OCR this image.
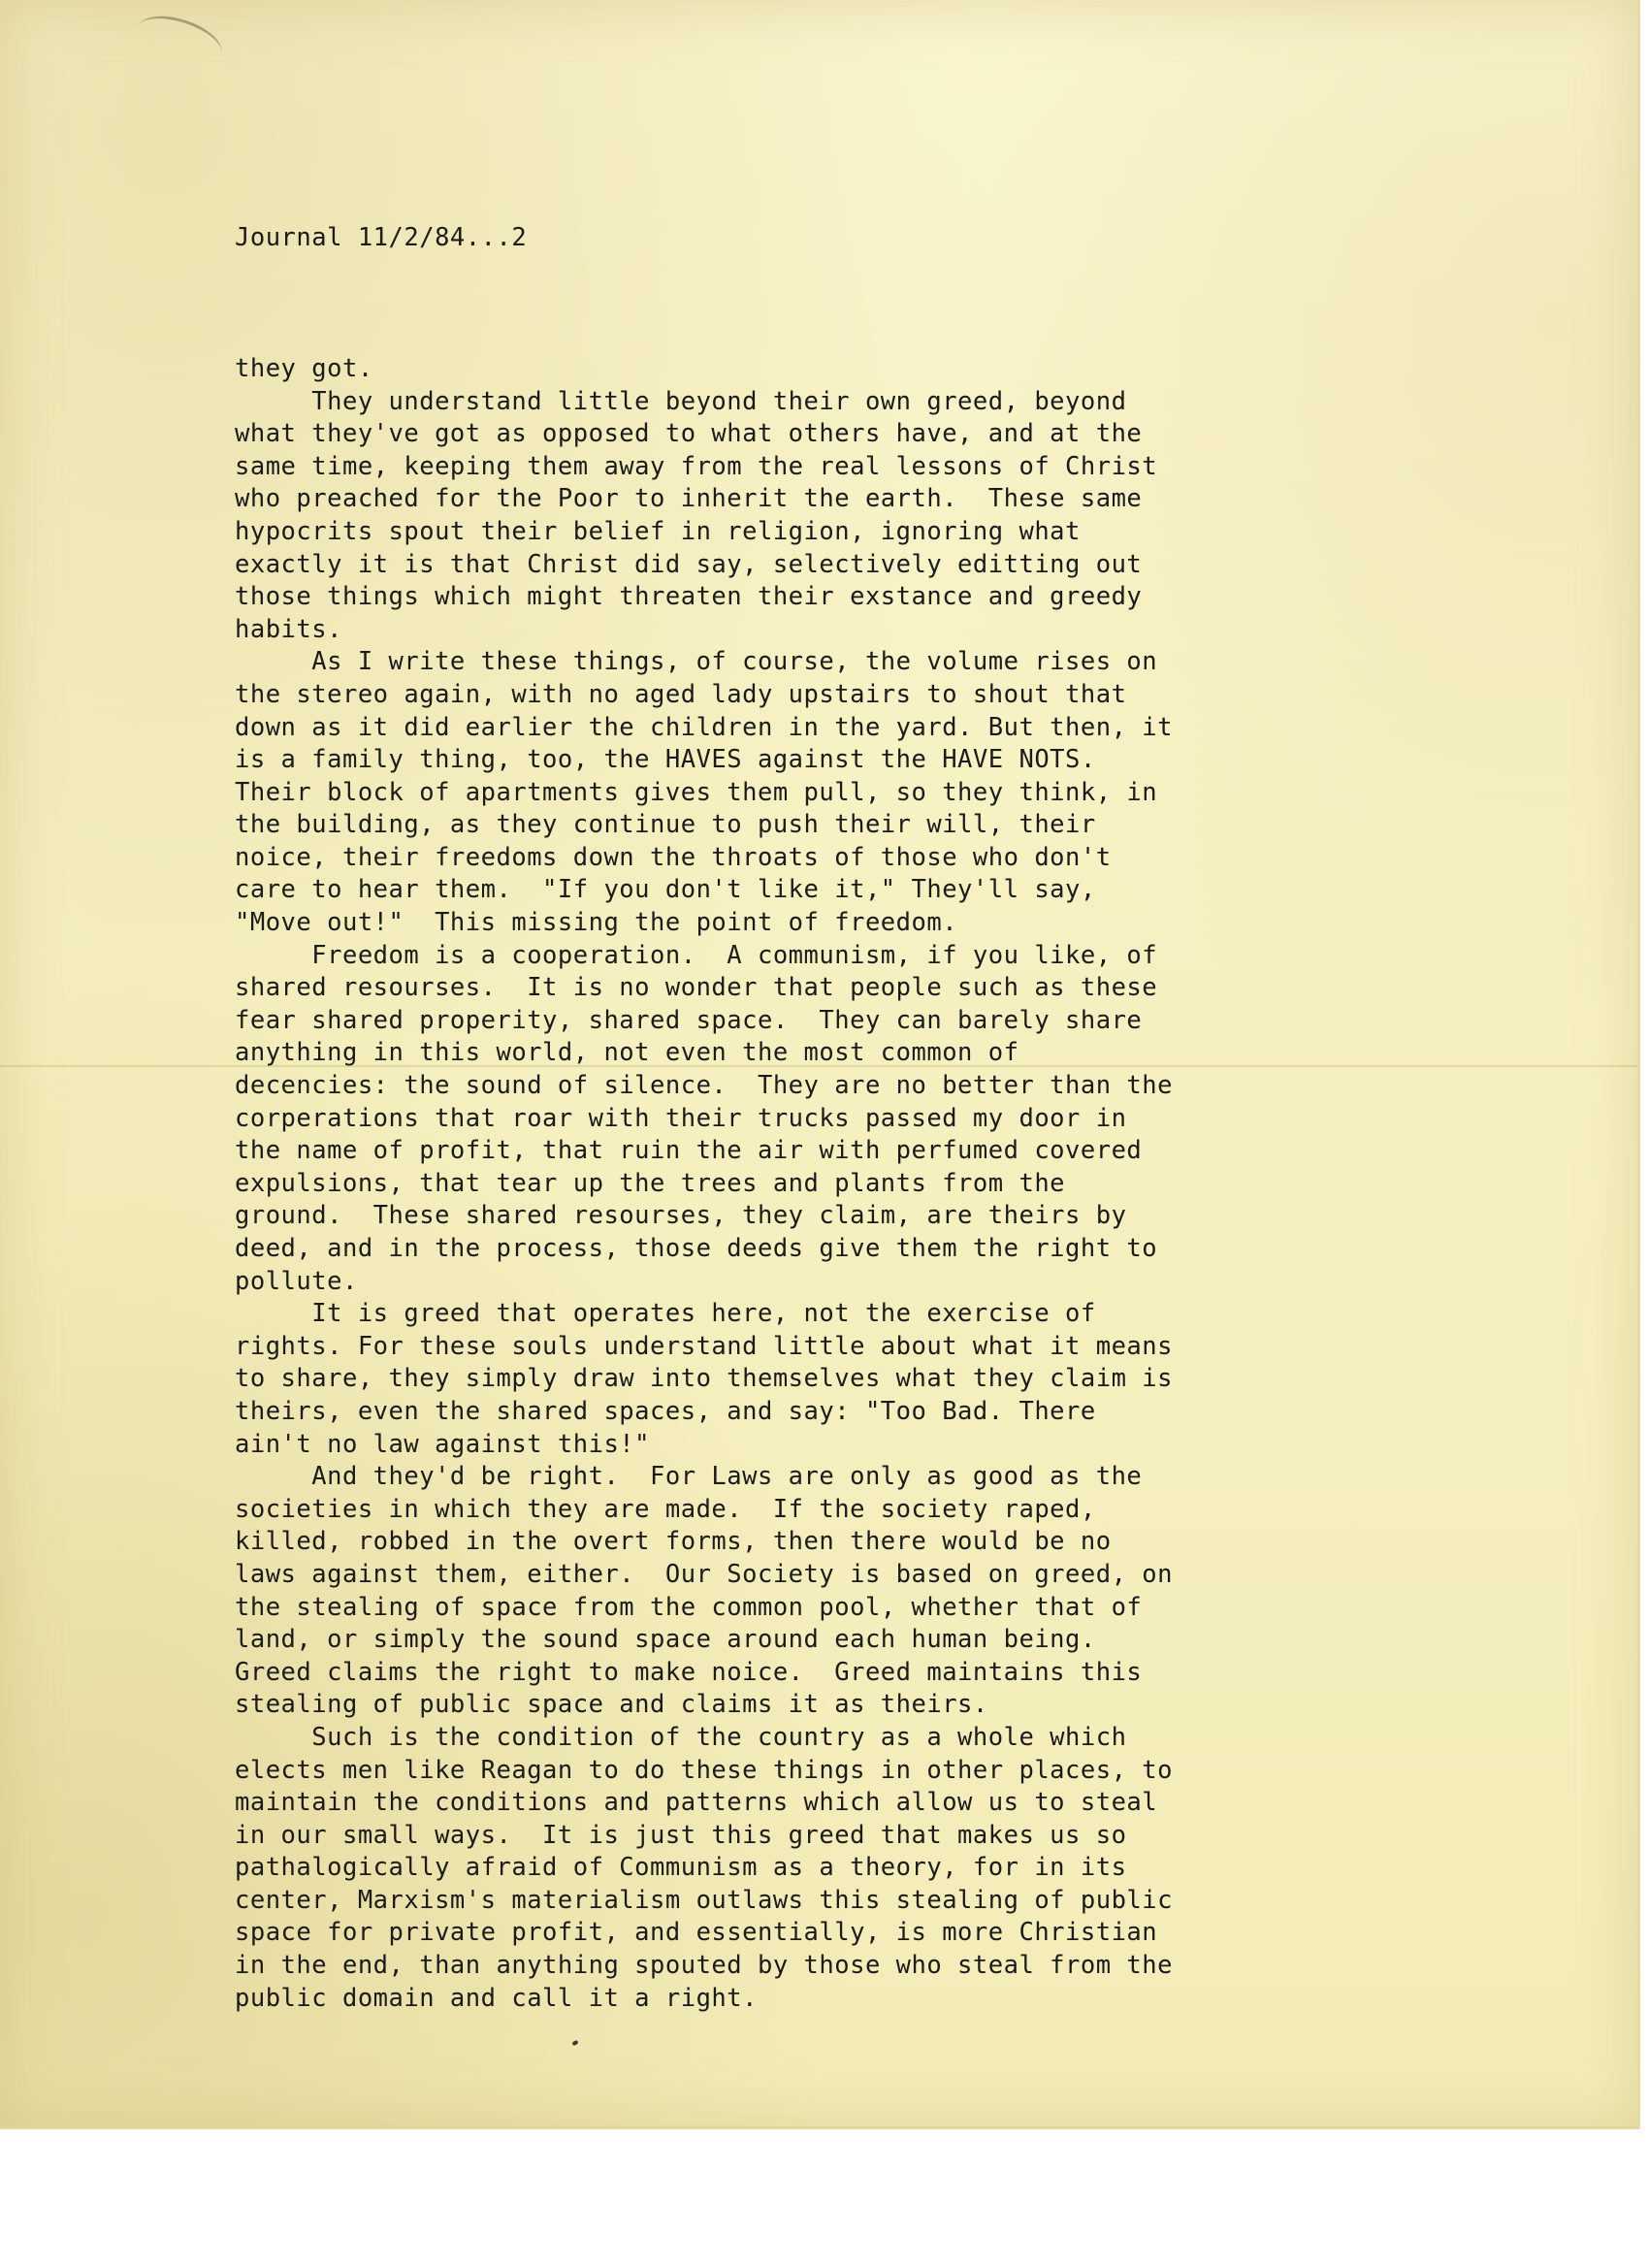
Journal 11/2/84...2

they got.
They understand little beyond their own greed, beyond
what they've got as opposed to what others have, and at the
same time, keeping them away from the real lessons of Christ
who preached for the Poor to inherit the earth.  These same
hypocrits spout their belief in religion, ignoring what
exactly it is that Christ did say, selectively editting out
those things which might threaten their exstance and greedy
habits.
As I write these things, of course, the volume rises on
the stereo again, with no aged lady upstairs to shout that
down as it did earlier the children in the yard. But then, it
is a family thing, too, the HAVES against the HAVE NOTS.
Their block of apartments gives them pull, so they think, in
the building, as they continue to push their will, their
noice, their freedoms down the throats of those who don't
care to hear them.  "If you don't like it," They'll say,
"Move out!"  This missing the point of freedom.
Freedom is a cooperation.  A communism, if you like, of
shared resourses.  It is no wonder that people such as these
fear shared properity, shared space.  They can barely share
anything in this world, not even the most common of
decencies: the sound of silence.  They are no better than the
corperations that roar with their trucks passed my door in
the name of profit, that ruin the air with perfumed covered
expulsions, that tear up the trees and plants from the
ground.  These shared resourses, they claim, are theirs by
deed, and in the process, those deeds give them the right to
pollute.
It is greed that operates here, not the exercise of
rights. For these souls understand little about what it means
to share, they simply draw into themselves what they claim is
theirs, even the shared spaces, and say: "Too Bad. There
ain't no law against this!"
And they'd be right.  For Laws are only as good as the
societies in which they are made.  If the society raped,
killed, robbed in the overt forms, then there would be no
laws against them, either.  Our Society is based on greed, on
the stealing of space from the common pool, whether that of
land, or simply the sound space around each human being.
Greed claims the right to make noice.  Greed maintains this
stealing of public space and claims it as theirs.
Such is the condition of the country as a whole which
elects men like Reagan to do these things in other places, to
maintain the conditions and patterns which allow us to steal
in our small ways.  It is just this greed that makes us so
pathalogically afraid of Communism as a theory, for in its
center, Marxism's materialism outlaws this stealing of public
space for private profit, and essentially, is more Christian
in the end, than anything spouted by those who steal from the
public domain and call it a right.
